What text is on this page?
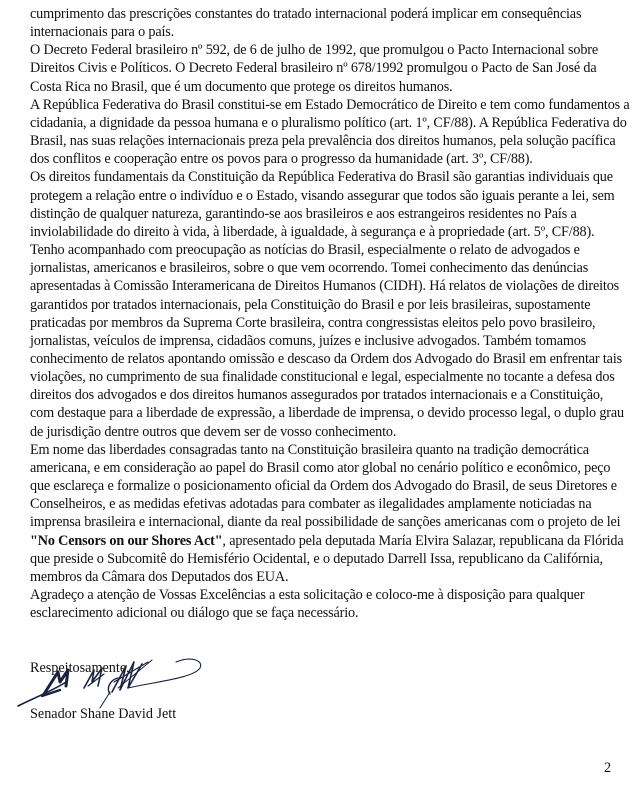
cumprimento das prescrições constantes do tratado internacional poderá implicar em consequências internacionais para o país.

O Decreto Federal brasileiro nº 592, de 6 de julho de 1992, que promulgou o Pacto Internacional sobre Direitos Civis e Políticos. O Decreto Federal brasileiro nº 678/1992 promulgou o Pacto de San José da Costa Rica no Brasil, que é um documento que protege os direitos humanos.

A República Federativa do Brasil constitui-se em Estado Democrático de Direito e tem como fundamentos a cidadania, a dignidade da pessoa humana e o pluralismo político (art. 1º, CF/88). A República Federativa do Brasil, nas suas relações internacionais preza pela prevalência dos direitos humanos, pela solução pacífica dos conflitos e cooperação entre os povos para o progresso da humanidade (art. 3º, CF/88).

Os direitos fundamentais da Constituição da República Federativa do Brasil são garantias individuais que protegem a relação entre o indivíduo e o Estado, visando assegurar que todos são iguais perante a lei, sem distinção de qualquer natureza, garantindo-se aos brasileiros e aos estrangeiros residentes no País a inviolabilidade do direito à vida, à liberdade, à igualdade, à segurança e à propriedade (art. 5º, CF/88).

Tenho acompanhado com preocupação as notícias do Brasil, especialmente o relato de advogados e jornalistas, americanos e brasileiros, sobre o que vem ocorrendo. Tomei conhecimento das denúncias apresentadas à Comissão Interamericana de Direitos Humanos (CIDH). Há relatos de violações de direitos garantidos por tratados internacionais, pela Constituição do Brasil e por leis brasileiras, supostamente praticadas por membros da Suprema Corte brasileira, contra congressistas eleitos pelo povo brasileiro, jornalistas, veículos de imprensa, cidadãos comuns, juízes e inclusive advogados. Também tomamos conhecimento de relatos apontando omissão e descaso da Ordem dos Advogado do Brasil em enfrentar tais violações, no cumprimento de sua finalidade constitucional e legal, especialmente no tocante a defesa dos direitos dos advogados e dos direitos humanos assegurados por tratados internacionais e a Constituição, com destaque para a liberdade de expressão, a liberdade de imprensa, o devido processo legal, o duplo grau de jurisdição dentre outros que devem ser de vosso conhecimento.

Em nome das liberdades consagradas tanto na Constituição brasileira quanto na tradição democrática americana, e em consideração ao papel do Brasil como ator global no cenário político e econômico, peço que esclareça e formalize o posicionamento oficial da Ordem dos Advogado do Brasil, de seus Diretores e Conselheiros, e as medidas efetivas adotadas para combater as ilegalidades amplamente noticiadas na imprensa brasileira e internacional, diante da real possibilidade de sanções americanas com o projeto de lei "No Censors on our Shores Act", apresentado pela deputada María Elvira Salazar, republicana da Flórida que preside o Subcomitê do Hemisfério Ocidental, e o deputado Darrell Issa, republicano da Califórnia, membros da Câmara dos Deputados dos EUA.

Agradeço a atenção de Vossas Excelências a esta solicitação e coloco-me à disposição para qualquer esclarecimento adicional ou diálogo que se faça necessário.

Respeitosamente,
Senador Shane David Jett
2
